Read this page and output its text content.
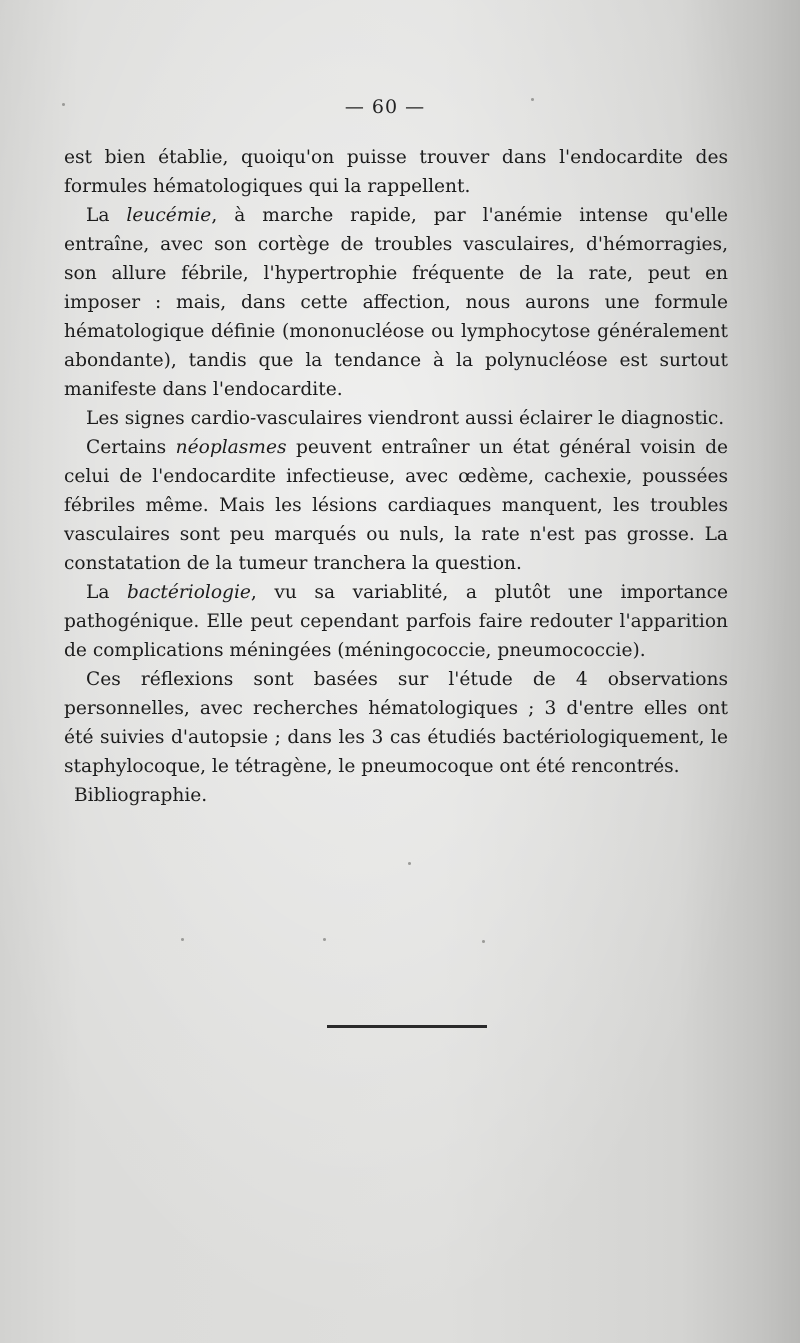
— 60 —

est bien établie, quoiqu'on puisse trouver dans l'endocardite des formules hématologiques qui la rappellent.

La leucémie, à marche rapide, par l'anémie intense qu'elle entraîne, avec son cortège de troubles vasculaires, d'hémorragies, son allure fébrile, l'hypertrophie fréquente de la rate, peut en imposer : mais, dans cette affection, nous aurons une formule hématologique définie (mononucléose ou lymphocytose généralement abondante), tandis que la tendance à la polynucléose est surtout manifeste dans l'endocardite.

Les signes cardio-vasculaires viendront aussi éclairer le diagnostic.

Certains néoplasmes peuvent entraîner un état général voisin de celui de l'endocardite infectieuse, avec œdème, cachexie, poussées fébriles même. Mais les lésions cardiaques manquent, les troubles vasculaires sont peu marqués ou nuls, la rate n'est pas grosse. La constatation de la tumeur tranchera la question.

La bactériologie, vu sa variablité, a plutôt une importance pathogénique. Elle peut cependant parfois faire redouter l'apparition de complications méningées (méningococcie, pneumococcie).

Ces réflexions sont basées sur l'étude de 4 observations personnelles, avec recherches hématologiques ; 3 d'entre elles ont été suivies d'autopsie ; dans les 3 cas étudiés bactériologiquement, le staphylocoque, le tétragène, le pneumocoque ont été rencontrés.

Bibliographie.
